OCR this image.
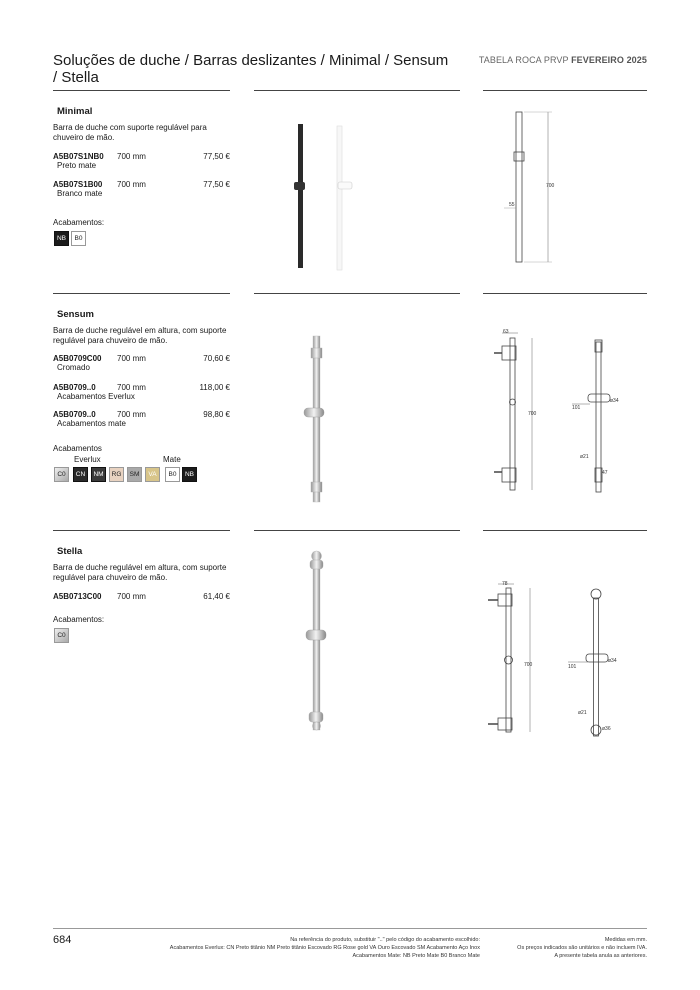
Soluções de duche / Barras deslizantes / Minimal / Sensum
/ Stella
TABELA ROCA PRVP FEVEREIRO 2025
Minimal
Barra de duche com suporte regulável para chuveiro de mão.
A5B07S1NB0 700 mm	77,50 €
Preto mate
A5B07S1B00 700 mm	77,50 €
Branco mate
Acabamentos:
NB	B0
700
55
Sensum
Barra de duche regulável em altura, com suporte regulável para chuveiro de mão.
A5B0709C00 700 mm	70,60 €
Cromado
A5B0709..0	700 mm	118,00 €
Acabamentos Everlux
A5B0709..0	700 mm	98,80 €
Acabamentos mate
Acabamentos
Everlux	Mate
C0	CN	NM	RG	SM	VA	B0	NB
63
700
ø34
101
ø21
47
Stella
Barra de duche regulável em altura, com suporte regulável para chuveiro de mão.
A5B0713C00 700 mm	61,40 €
Acabamentos:
C0
78
700
ø34
101
ø21
ø36
684	Na referência do produto, substituir ".." pelo código do acabamento escolhido:
Acabamentos Everlux: CN Preto titânio NM Preto titânio Escovado RG Rose gold VA Ouro Escovado SM Acabamento Aço Inox
Acabamentos Mate: NB Preto Mate B0 Branco Mate
Medidas em mm.
Os preços indicados são unitários e não incluem IVA.
A presente tabela anula as anteriores.
